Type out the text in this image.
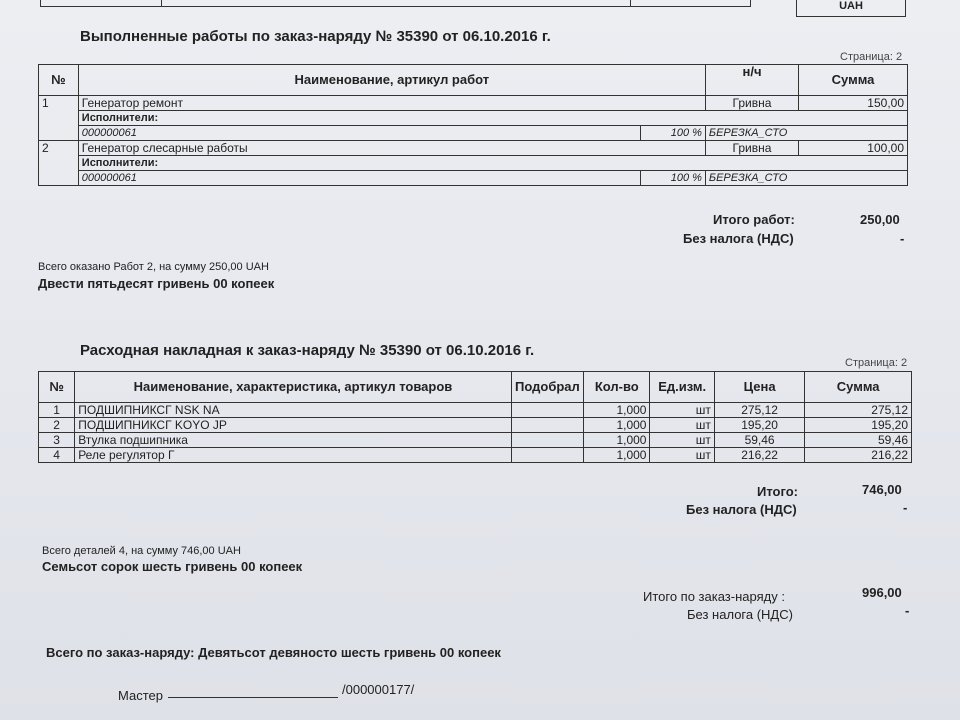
UAH
Выполненные работы по заказ-наряду № 35390 от 06.10.2016 г.
Страница: 2
№	Наименование, артикул работ		н/ч	Сумма
1	Генератор ремонт		Гривна	150,00
	Исполнители:			
	000000061	100 %	БЕРЕЗКА_СТО	
2	Генератор слесарные работы		Гривна	100,00
	Исполнители:			
	000000061	100 %	БЕРЕЗКА_СТО	
Итого работ:	250,00
Без налога (НДС)	-
Всего оказано Работ 2, на сумму 250,00 UAH
Двести пятьдесят гривень 00 копеек
Расходная накладная к заказ-наряду № 35390 от 06.10.2016 г.
Страница: 2
№	Наименование, характеристика, артикул товаров	Подобрал	Кол-во	Ед.изм.	Цена	Сумма
1	ПОДШИПНИКСГ NSK NA		1,000	шт	275,12	275,12
2	ПОДШИПНИКСГ KOYO JP		1,000	шт	195,20	195,20
3	Втулка подшипника		1,000	шт	59,46	59,46
4	Реле регулятор Г		1,000	шт	216,22	216,22
Итого:	746,00
Без налога (НДС)	-
Всего деталей 4, на сумму 746,00 UAH
Семьсот сорок шесть гривень 00 копеек
Итого по заказ-наряду :	996,00
Без налога (НДС)	-
Всего по заказ-наряду: Девятьсот девяносто шесть гривень 00 копеек
Мастер	/000000177/
